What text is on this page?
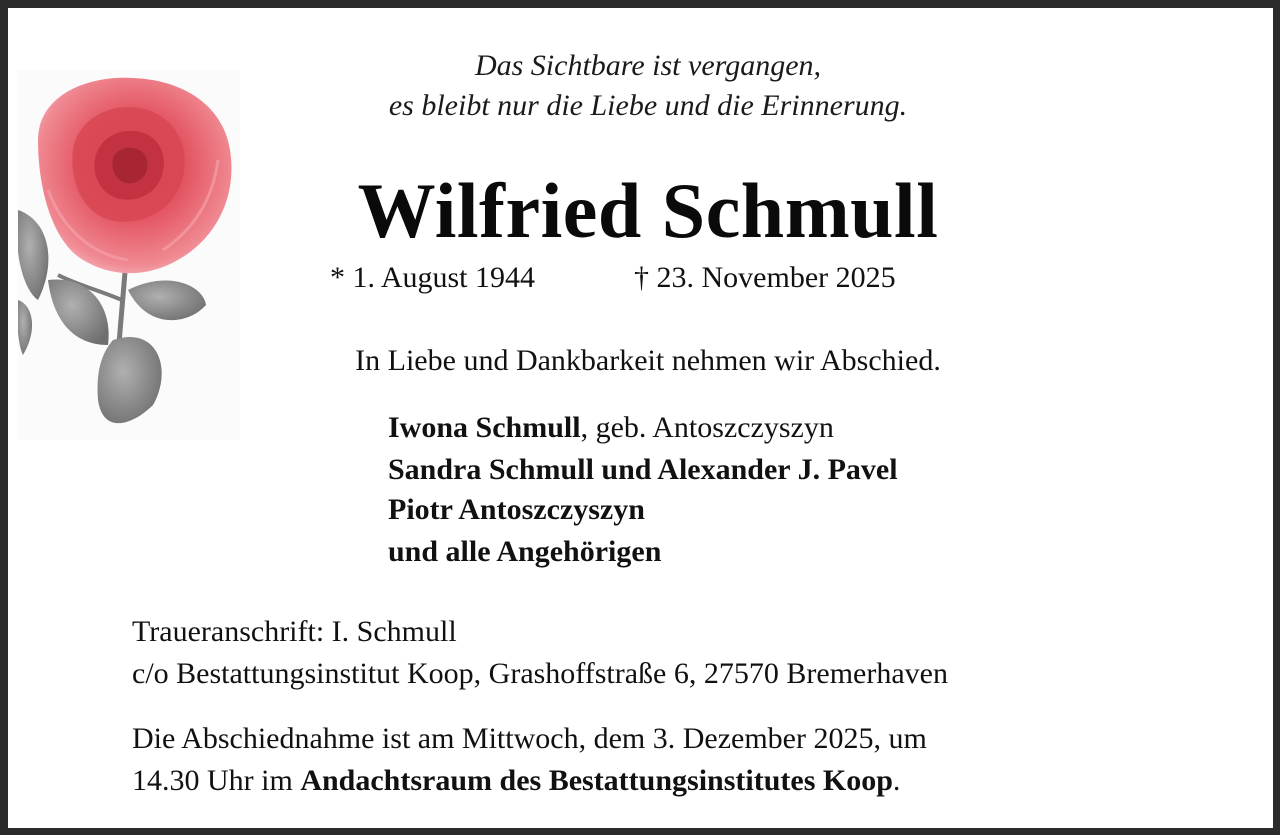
Das Sichtbare ist vergangen,
es bleibt nur die Liebe und die Erinnerung.
Wilfried Schmull
* 1. August 1944	† 23. November 2025
In Liebe und Dankbarkeit nehmen wir Abschied.
Iwona Schmull, geb. Antoszczyszyn
Sandra Schmull und Alexander J. Pavel
Piotr Antoszczyszyn
und alle Angehörigen
Traueranschrift: I. Schmull
c/o Bestattungsinstitut Koop, Grashoffstraße 6, 27570 Bremerhaven
Die Abschiednahme ist am Mittwoch, dem 3. Dezember 2025, um
14.30 Uhr im Andachtsraum des Bestattungsinstitutes Koop.
